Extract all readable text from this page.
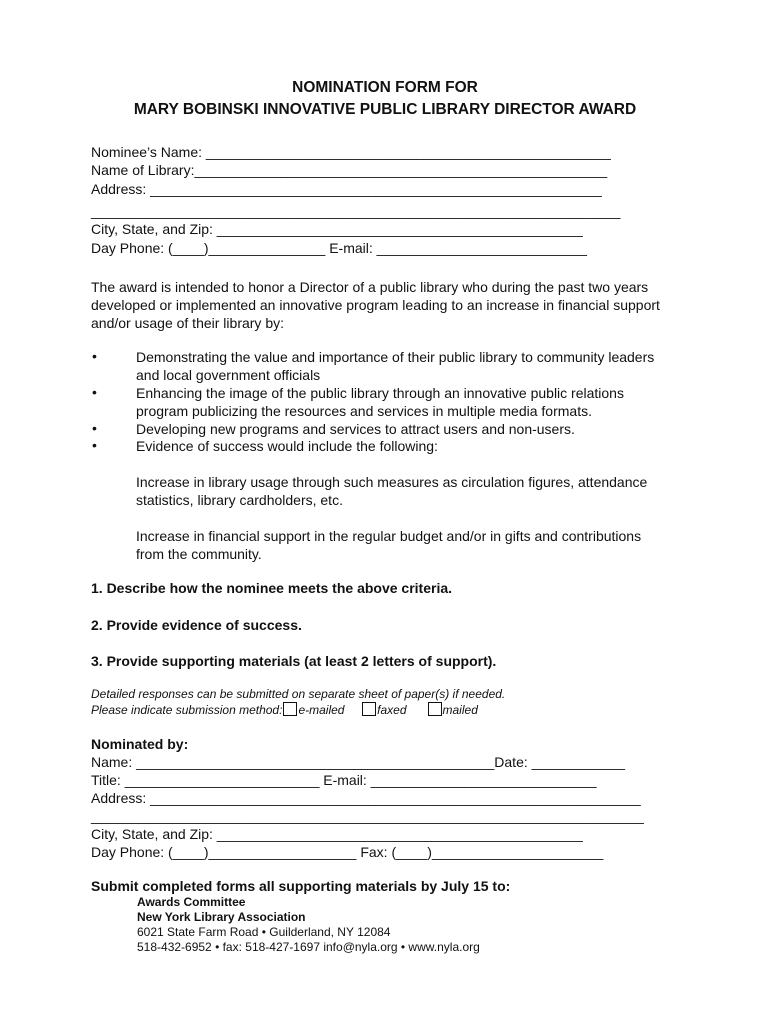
NOMINATION FORM FOR
MARY BOBINSKI INNOVATIVE PUBLIC LIBRARY DIRECTOR AWARD
Nominee’s Name: ____________________________________________________
Name of Library:_____________________________________________________
Address: __________________________________________________________
____________________________________________________________________
City, State, and Zip: _______________________________________________
Day Phone: (____)_______________ E-mail: ___________________________
The award is intended to honor a Director of a public library who during the past two years developed or implemented an innovative program leading to an increase in financial support and/or usage of their library by:
•	Demonstrating the value and importance of their public library to community leaders and local government officials
•	Enhancing the image of the public library through an innovative public relations program publicizing the resources and services in multiple media formats.
•	Developing new programs and services to attract users and non-users.
•	Evidence of success would include the following:
Increase in library usage through such measures as circulation figures, attendance statistics, library cardholders, etc.
Increase in financial support in the regular budget and/or in gifts and contributions from the community.
1. Describe how the nominee meets the above criteria.
2. Provide evidence of success.
3. Provide supporting materials (at least 2 letters of support).
Detailed responses can be submitted on separate sheet of paper(s) if needed.
Please indicate submission method: e-mailed	faxed	mailed
Nominated by:
Name: ______________________________________________Date: ____________
Title: _________________________ E-mail: _____________________________
Address: _______________________________________________________________
_______________________________________________________________________
City, State, and Zip: _______________________________________________
Day Phone: (____)___________________ Fax: (____)______________________
Submit completed forms all supporting materials by July 15 to:
Awards Committee
New York Library Association
6021 State Farm Road • Guilderland, NY 12084
518-432-6952 • fax: 518-427-1697 info@nyla.org • www.nyla.org
